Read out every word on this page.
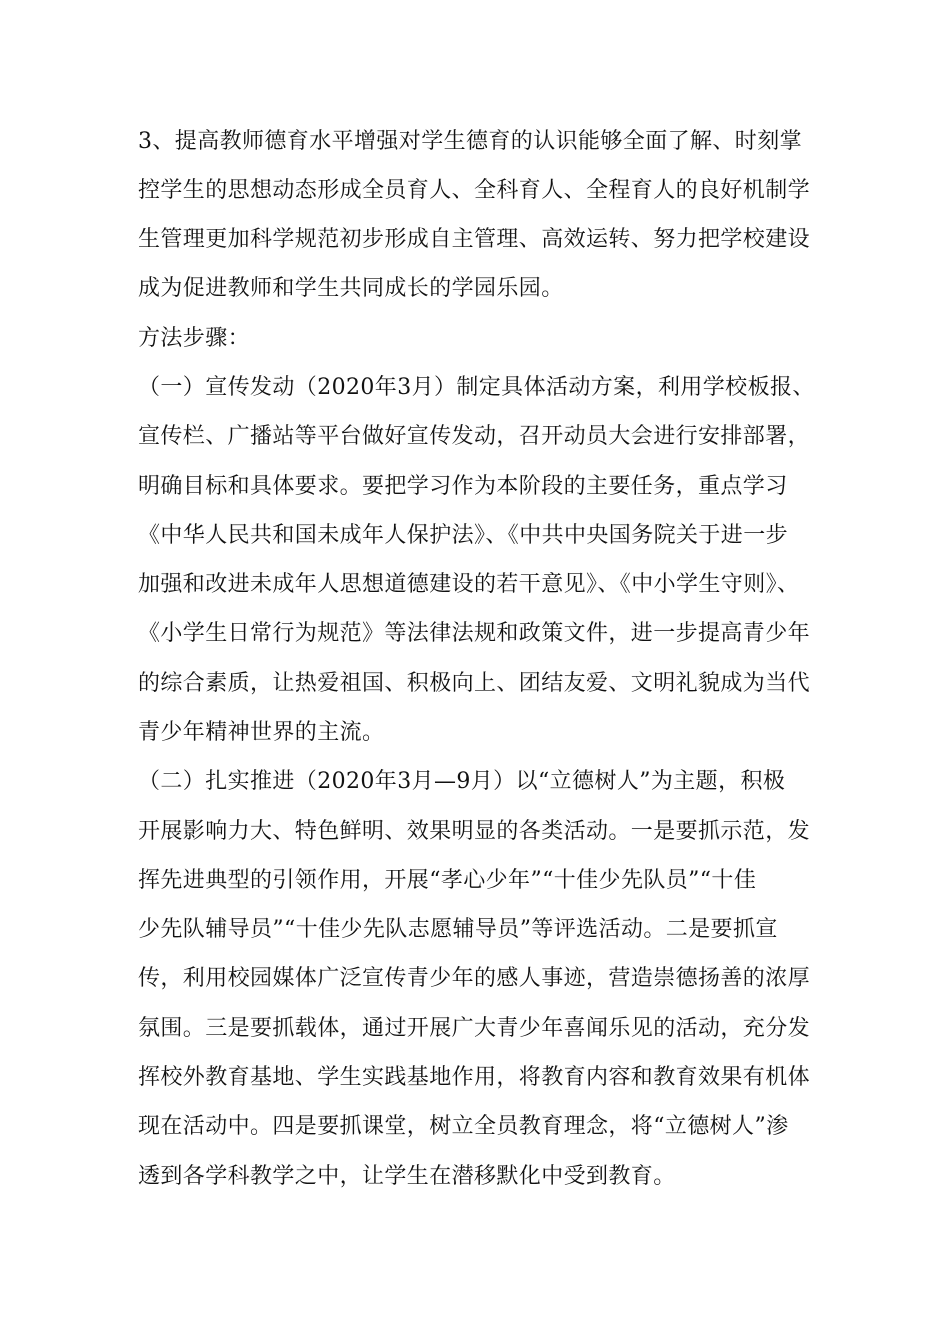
3、提高教师德育水平增强对学生德育的认识能够全面了解、时刻掌
控学生的思想动态形成全员育人、全科育人、全程育人的良好机制学
生管理更加科学规范初步形成自主管理、高效运转、努力把学校建设
成为促进教师和学生共同成长的学园乐园。
方法步骤：
（一）宣传发动（2020年3月）制定具体活动方案，利用学校板报、
宣传栏、广播站等平台做好宣传发动，召开动员大会进行安排部署，
明确目标和具体要求。要把学习作为本阶段的主要任务，重点学习
《中华人民共和国未成年人保护法》、《中共中央国务院关于进一步
加强和改进未成年人思想道德建设的若干意见》、《中小学生守则》、
《小学生日常行为规范》等法律法规和政策文件，进一步提高青少年
的综合素质，让热爱祖国、积极向上、团结友爱、文明礼貌成为当代
青少年精神世界的主流。
（二）扎实推进（2020年3月—9月）以“立德树人”为主题，积极
开展影响力大、特色鲜明、效果明显的各类活动。一是要抓示范，发
挥先进典型的引领作用，开展“孝心少年”“十佳少先队员”“十佳
少先队辅导员”“十佳少先队志愿辅导员”等评选活动。二是要抓宣
传，利用校园媒体广泛宣传青少年的感人事迹，营造崇德扬善的浓厚
氛围。三是要抓载体，通过开展广大青少年喜闻乐见的活动，充分发
挥校外教育基地、学生实践基地作用，将教育内容和教育效果有机体
现在活动中。四是要抓课堂，树立全员教育理念，将“立德树人”渗
透到各学科教学之中，让学生在潜移默化中受到教育。
